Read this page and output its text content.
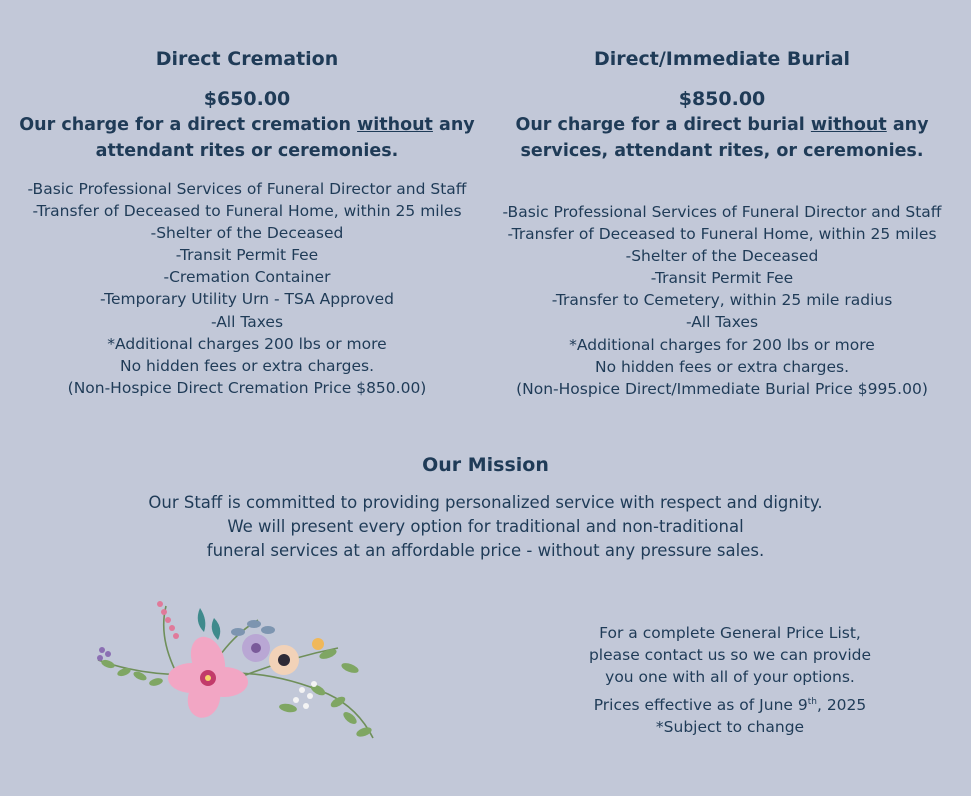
Direct Cremation
$650.00
Our charge for a direct cremation without any
attendant rites or ceremonies.
-Basic Professional Services of Funeral Director and Staff
-Transfer of Deceased to Funeral Home, within 25 miles
-Shelter of the Deceased
-Transit Permit Fee
-Cremation Container
-Temporary Utility Urn - TSA Approved
-All Taxes
*Additional charges 200 lbs or more
No hidden fees or extra charges.
(Non-Hospice Direct Cremation Price $850.00)
Direct/Immediate Burial
$850.00
Our charge for a direct burial without any
services, attendant rites, or ceremonies.
-Basic Professional Services of Funeral Director and Staff
-Transfer of Deceased to Funeral Home, within 25 miles
-Shelter of the Deceased
-Transit Permit Fee
-Transfer to Cemetery, within 25 mile radius
-All Taxes
*Additional charges for 200 lbs or more
No hidden fees or extra charges.
(Non-Hospice Direct/Immediate Burial Price $995.00)
Our Mission
Our Staff is committed to providing personalized service with respect and dignity.
We will present every option for traditional and non-traditional
funeral services at an affordable price - without any pressure sales.
For a complete General Price List,
please contact us so we can provide
you one with all of your options.
Prices effective as of June 9th, 2025
*Subject to change
